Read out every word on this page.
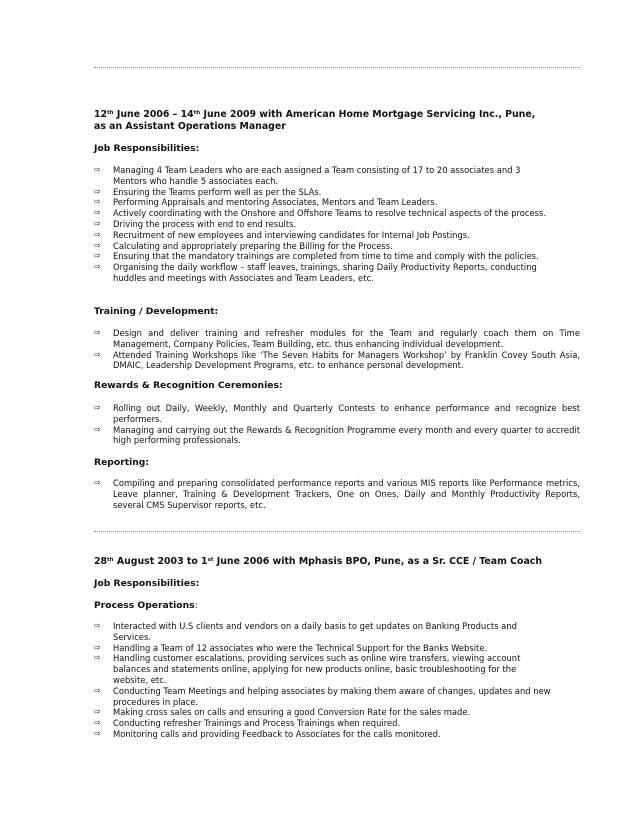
12th June 2006 – 14th June 2009 with American Home Mortgage Servicing Inc., Pune,

as an Assistant Operations Manager

Job Responsibilities:

⇨ Managing 4 Team Leaders who are each assigned a Team consisting of 17 to 20 associates and 3 Mentors who handle 5 associates each.
⇨ Ensuring the Teams perform well as per the SLAs.
⇨ Performing Appraisals and mentoring Associates, Mentors and Team Leaders.
⇨ Actively coordinating with the Onshore and Offshore Teams to resolve technical aspects of the process.
⇨ Driving the process with end to end results.
⇨ Recruitment of new employees and interviewing candidates for Internal Job Postings.
⇨ Calculating and appropriately preparing the Billing for the Process.
⇨ Ensuring that the mandatory trainings are completed from time to time and comply with the policies.
⇨ Organising the daily workflow – staff leaves, trainings, sharing Daily Productivity Reports, conducting huddles and meetings with Associates and Team Leaders, etc.

Training / Development:

⇨ Design and deliver training and refresher modules for the Team and regularly coach them on Time Management, Company Policies, Team Building, etc. thus enhancing individual development.
⇨ Attended Training Workshops like ‘The Seven Habits for Managers Workshop’ by Franklin Covey South Asia, DMAIC, Leadership Development Programs, etc. to enhance personal development.

Rewards & Recognition Ceremonies:

⇨ Rolling out Daily, Weekly, Monthly and Quarterly Contests to enhance performance and recognize best performers.
⇨ Managing and carrying out the Rewards & Recognition Programme every month and every quarter to accredit high performing professionals.

Reporting:

⇨ Compiling and preparing consolidated performance reports and various MIS reports like Performance metrics, Leave planner, Training & Development Trackers, One on Ones, Daily and Monthly Productivity Reports, several CMS Supervisor reports, etc.

28th August 2003 to 1st June 2006 with Mphasis BPO, Pune, as a Sr. CCE / Team Coach

Job Responsibilities:

Process Operations:

⇨ Interacted with U.S clients and vendors on a daily basis to get updates on Banking Products and Services.
⇨ Handling a Team of 12 associates who were the Technical Support for the Banks Website.
⇨ Handling customer escalations, providing services such as online wire transfers, viewing account balances and statements online, applying for new products online, basic troubleshooting for the website, etc.
⇨ Conducting Team Meetings and helping associates by making them aware of changes, updates and new procedures in place.
⇨ Making cross sales on calls and ensuring a good Conversion Rate for the sales made.
⇨ Conducting refresher Trainings and Process Trainings when required.
⇨ Monitoring calls and providing Feedback to Associates for the calls monitored.
